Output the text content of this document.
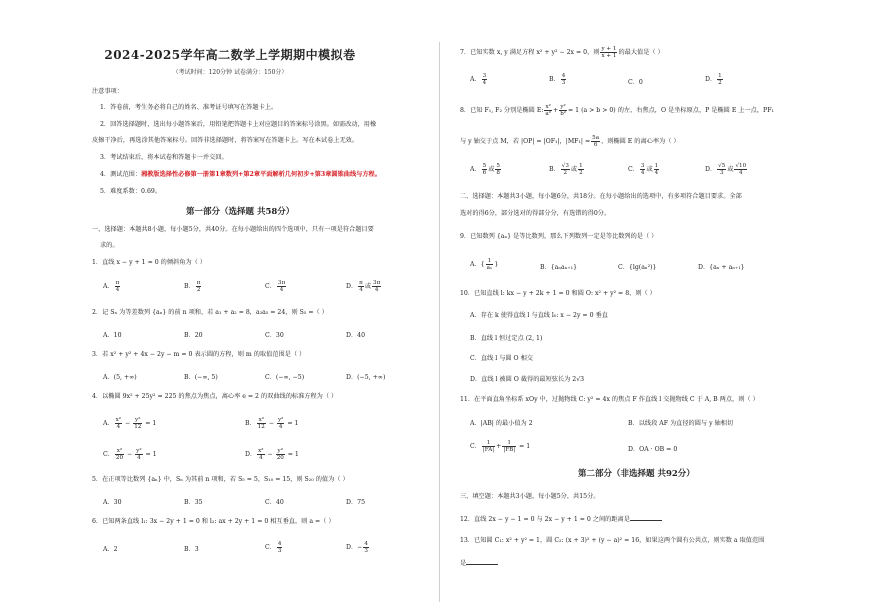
2024-2025学年高二数学上学期期中模拟卷
（考试时间：120分钟 试卷满分：150分）
注意事项：
1．答卷前，考生务必将自己的姓名、准考证号填写在答题卡上。
2．回答选择题时，选出每小题答案后，用铅笔把答题卡上对应题目的答案标号涂黑。如需改动，用橡
皮擦干净后，再选涂其他答案标号。回答非选择题时，将答案写在答题卡上。写在本试卷上无效。
3．考试结束后，将本试卷和答题卡一并交回。
4．测试范围：湘教版选择性必修第一册第1章数列+第2章平面解析几何初步+第3章圆锥曲线与方程。
5．难度系数：0.69。
第一部分（选择题 共58分）
一、选择题：本题共8小题，每小题5分，共40分。在每小题给出的四个选项中，只有一项是符合题目要
求的。
1．直线 x − y + 1 = 0 的倾斜角为（ ）
A． $\frac{\pi}{4}$	B． $\frac{\pi}{2}$	C． $\frac{3\pi}{4}$	D． $\frac{\pi}{4}$ 或 $\frac{3\pi}{4}$
2．记 Sₙ 为等差数列 {aₙ} 的前 n 项和，若 a₁ + a₂ = 8，a₃a₅ = 24，则 S₅ =（ ）
A．10	B．20	C．30	D．40
3．若 x² + y² + 4x − 2y − m = 0 表示圆的方程，则 m 的取值范围是（ ）
A．(5, +∞)	B．(−∞, 5)	C．(−∞, −5)	D．(−5, +∞)
4．以椭圆 9x² + 25y² = 225 的焦点为焦点，离心率 e = 2 的双曲线的标准方程为（ ）
A． $\frac{\text{x²}}{4} - \frac{\text{y²}}{12} = 1$	B． $\frac{\text{x²}}{12} - \frac{\text{y²}}{4} = 1$
C． $\frac{\text{x²}}{20} - \frac{\text{y²}}{4} = 1$	D． $\frac{\text{x²}}{4} - \frac{\text{y²}}{20} = 1$
5．在正项等比数列 {aₙ} 中，Sₙ 为其前 n 项和，若 S₅ = 5，S₁₀ = 15，则 S₂₀ 的值为（ ）
A．30	B．35	C．40	D．75
6．已知两条直线 l₁: 3x − 2y + 1 = 0 和 l₂: ax + 2y + 1 = 0 相互垂直，则 a =（ ）
A．2	B．3	C． $\frac{4}{3}$	D．− $\frac{4}{3}$
7．已知实数 x, y 满足方程 x² + y² − 2x = 0，则 $\frac{y + 1}{x + 1}$ 的最大值是（ ）
A． $\frac{3}{4}$	B． $\frac{4}{3}$	C．0	D． $\frac{1}{2}$
8．已知 F₁, F₂ 分别是椭圆 E: $\frac{\text{x²}}{\text{a²}} + \frac{\text{y²}}{\text{b²}} = 1$ (a > b > 0) 的左、右焦点，O 是坐标原点，P 是椭圆 E 上一点，PF₁
与 y 轴交于点 M，若 |OP| = |OF₁|，$|MF_1| = \frac{5a}{6}$ ，则椭圆 E 的离心率为（ ）
A． $\frac{5}{6}$ 或 $\frac{5}{8}$	B． $\frac{√3}{2}$ 或 $\frac{1}{2}$	C． $\frac{3}{4}$ 或 $\frac{1}{4}$	D． $\frac{√5}{3}$ 或 $\frac{√10}{4}$
二、选择题：本题共3小题，每小题6分，共18分。在每小题给出的选项中，有多项符合题目要求。全部
选对的得6分，部分选对的得部分分，有选错的得0分。
9．已知数列 {aₙ} 是等比数列，那么下列数列一定是等比数列的是（ ）
A．{ $\frac{1}{\text{aₙ}}$ }	B．{aₙaₙ₊₁}	C．{lg(aₙ²)}	D．{aₙ + aₙ₊₁}
10．已知直线 l: kx − y + 2k + 1 = 0 和圆 O: x² + y² = 8，则（ ）
A．存在 k 使得直线 l 与直线 l₀: x − 2y = 0 垂直
B．直线 l 恒过定点 (2, 1)
C．直线 l 与圆 O 相交
D．直线 l 被圆 O 截得的最短弦长为 2√3
11．在平面直角坐标系 xOy 中，过抛物线 C: y² = 4x 的焦点 F 作直线 l 交抛物线 C 于 A, B 两点，则（ ）
A．|AB| 的最小值为 2	B．以线段 AF 为直径的圆与 y 轴相切
C． $\frac{1}{|FA|} + \frac{1}{|FB|} = 1$	D．OA · OB = 0
第二部分（非选择题 共92分）
三、填空题：本题共3小题，每小题5分，共15分。
12．直线 2x − y − 1 = 0 与 2x − y + 1 = 0 之间的距离是
13．已知圆 C₁: x² + y² = 1，圆 C₂: (x + 3)² + (y − a)² = 16，如果这两个圆有公共点，则实数 a 取值范围
是
